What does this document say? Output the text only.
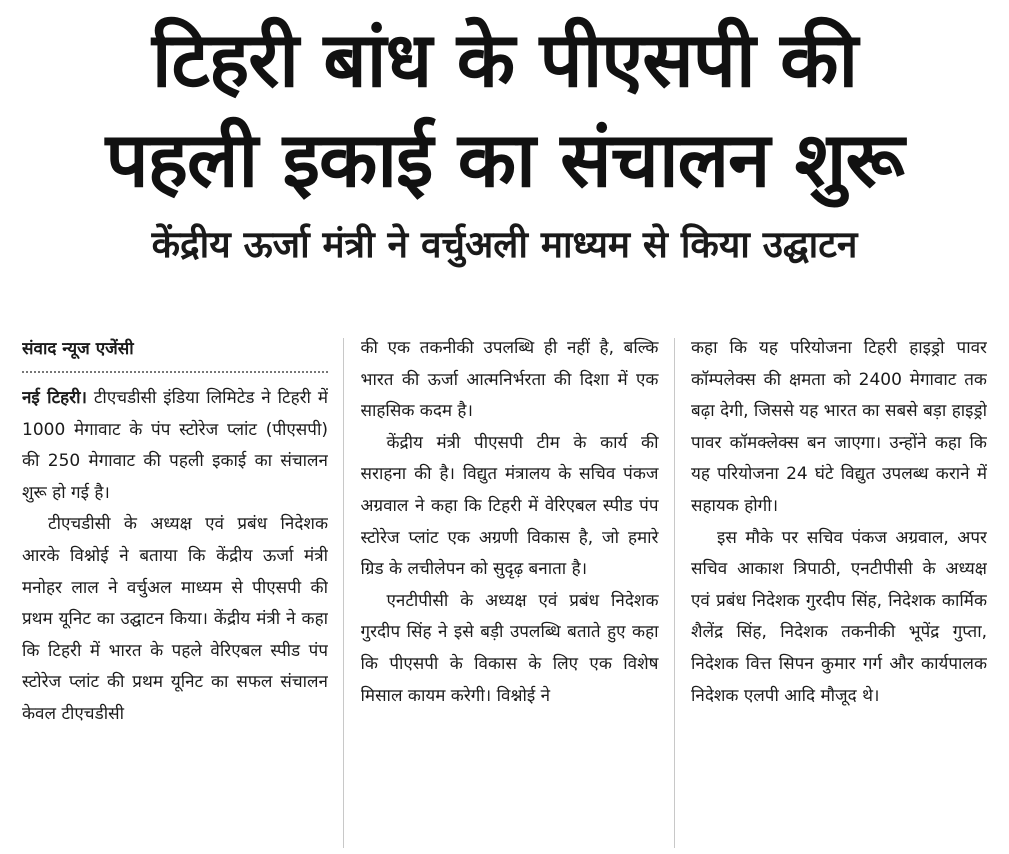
टिहरी बांध के पीएसपी की
पहली इकाई का संचालन शुरू
केंद्रीय ऊर्जा मंत्री ने वर्चुअली माध्यम से किया उद्घाटन
संवाद न्यूज एजेंसी

नई टिहरी। टीएचडीसी इंडिया लिमिटेड ने टिहरी में 1000 मेगावाट के पंप स्टोरेज प्लांट (पीएसपी) की 250 मेगावाट की पहली इकाई का संचालन शुरू हो गई है।

टीएचडीसी के अध्यक्ष एवं प्रबंध निदेशक आरके विश्नोई ने बताया कि केंद्रीय ऊर्जा मंत्री मनोहर लाल ने वर्चुअल माध्यम से पीएसपी की प्रथम यूनिट का उद्घाटन किया। केंद्रीय मंत्री ने कहा कि टिहरी में भारत के पहले वेरिएबल स्पीड पंप स्टोरेज प्लांट की प्रथम यूनिट का सफल संचालन केवल टीएचडीसी

की एक तकनीकी उपलब्धि ही नहीं है, बल्कि भारत की ऊर्जा आत्मनिर्भरता की दिशा में एक साहसिक कदम है।

केंद्रीय मंत्री पीएसपी टीम के कार्य की सराहना की है। विद्युत मंत्रालय के सचिव पंकज अग्रवाल ने कहा कि टिहरी में वेरिएबल स्पीड पंप स्टोरेज प्लांट एक अग्रणी विकास है, जो हमारे ग्रिड के लचीलेपन को सुदृढ़ बनाता है।

एनटीपीसी के अध्यक्ष एवं प्रबंध निदेशक गुरदीप सिंह ने इसे बड़ी उपलब्धि बताते हुए कहा कि पीएसपी के विकास के लिए एक विशेष मिसाल कायम करेगी। विश्नोई ने

कहा कि यह परियोजना टिहरी हाइड्रो पावर कॉम्पलेक्स की क्षमता को 2400 मेगावाट तक बढ़ा देगी, जिससे यह भारत का सबसे बड़ा हाइड्रो पावर कॉमक्लेक्स बन जाएगा। उन्होंने कहा कि यह परियोजना 24 घंटे विद्युत उपलब्ध कराने में सहायक होगी।

इस मौके पर सचिव पंकज अग्रवाल, अपर सचिव आकाश त्रिपाठी, एनटीपीसी के अध्यक्ष एवं प्रबंध निदेशक गुरदीप सिंह, निदेशक कार्मिक शैलेंद्र सिंह, निदेशक तकनीकी भूपेंद्र गुप्ता, निदेशक वित्त सिपन कुमार गर्ग और कार्यपालक निदेशक एलपी आदि मौजूद थे।
